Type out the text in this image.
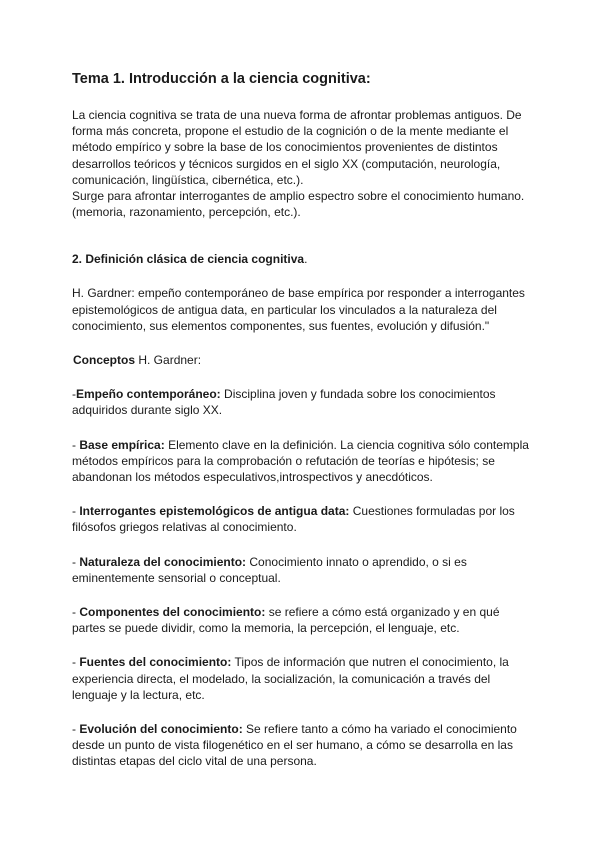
Tema 1. Introducción a la ciencia cognitiva:

La ciencia cognitiva se trata de una nueva forma de afrontar problemas antiguos. De forma más concreta, propone el estudio de la cognición o de la mente mediante el método empírico y sobre la base de los conocimientos provenientes de distintos desarrollos teóricos y técnicos surgidos en el siglo XX (computación, neurología, comunicación, lingüística, cibernética, etc.).

Surge para afrontar interrogantes de amplio espectro sobre el conocimiento humano. (memoria, razonamiento, percepción, etc.).

2. Definición clásica de ciencia cognitiva.

H. Gardner: empeño contemporáneo de base empírica por responder a interrogantes epistemológicos de antigua data, en particular los vinculados a la naturaleza del conocimiento, sus elementos componentes, sus fuentes, evolución y difusión."

Conceptos H. Gardner:

-Empeño contemporáneo: Disciplina joven y fundada sobre los conocimientos adquiridos durante siglo XX.

- Base empírica: Elemento clave en la definición. La ciencia cognitiva sólo contempla métodos empíricos para la comprobación o refutación de teorías e hipótesis; se abandonan los métodos especulativos,introspectivos y anecdóticos.

- Interrogantes epistemológicos de antigua data: Cuestiones formuladas por los filósofos griegos relativas al conocimiento.

- Naturaleza del conocimiento: Conocimiento innato o aprendido, o si es eminentemente sensorial o conceptual.

- Componentes del conocimiento: se refiere a cómo está organizado y en qué partes se puede dividir, como la memoria, la percepción, el lenguaje, etc.

- Fuentes del conocimiento: Tipos de información que nutren el conocimiento, la experiencia directa, el modelado, la socialización, la comunicación a través del lenguaje y la lectura, etc.

- Evolución del conocimiento: Se refiere tanto a cómo ha variado el conocimiento desde un punto de vista filogenético en el ser humano, a cómo se desarrolla en las distintas etapas del ciclo vital de una persona.
